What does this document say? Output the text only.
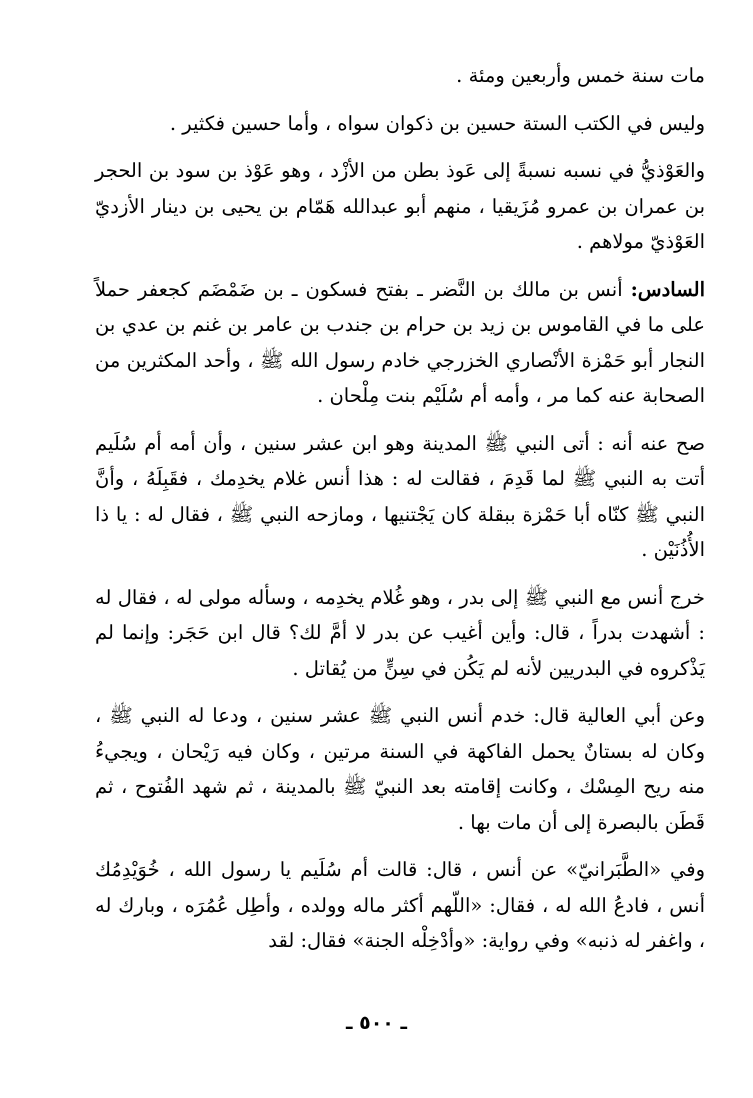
مات سنة خمس وأربعين ومئة .

وليس في الكتب الستة حسين بن ذكوان سواه ، وأما حسين فكثير .

والعَوْذيُّ في نسبه نسبةً إلى عَوذ بطن من الأزْد ، وهو عَوْذ بن سود بن الحجر بن عمران بن عمرو مُزَيقيا ، منهم أبو عبدالله هَمّام بن يحيى بن دينار الأزديّ العَوْذيّ مولاهم .

السادس: أنس بن مالك بن النَّضر ـ بفتح فسكون ـ بن ضَمْضَم كجعفر حملاً على ما في القاموس بن زيد بن حرام بن جندب بن عامر بن غنم بن عدي بن النجار أبو حَمْزة الأنْصاري الخزرجي خادم رسول الله ﷺ ، وأحد المكثرين من الصحابة عنه كما مر ، وأمه أم سُلَيْم بنت مِلْحان .

صح عنه أنه : أتى النبي ﷺ المدينة وهو ابن عشر سنين ، وأن أمه أم سُلَيم أتت به النبي ﷺ لما قَدِمَ ، فقالت له : هذا أنس غلام يخدِمك ، فقَبِلَهُ ، وأنَّ النبي ﷺ كنّاه أبا حَمْزة ببقلة كان يَجْتنيها ، ومازحه النبي ﷺ ، فقال له : يا ذا الأُذُنَيْن .

خرج أنس مع النبي ﷺ إلى بدر ، وهو غُلام يخدِمه ، وسأله مولى له ، فقال له : أشهدت بدراً ، قال: وأين أغيب عن بدر لا أمَّ لك؟ قال ابن حَجَر: وإنما لم يَذْكروه في البدريين لأنه لم يَكُن في سِنٍّ من يُقاتل .

وعن أبي العالية قال: خدم أنس النبي ﷺ عشر سنين ، ودعا له النبي ﷺ ، وكان له بستانٌ يحمل الفاكهة في السنة مرتين ، وكان فيه رَيْحان ، ويجيءُ منه ريح المِسْك ، وكانت إقامته بعد النبيّ ﷺ بالمدينة ، ثم شهد الفُتوح ، ثم قَطَن بالبصرة إلى أن مات بها .

وفي «الطَّبَرانيّ» عن أنس ، قال: قالت أم سُلَيم يا رسول الله ، خُوَيْدِمُك أنس ، فادعُ الله له ، فقال: «اللّهم أكثر ماله وولده ، وأطِل عُمُرَه ، وبارك له ، واغفر له ذنبه» وفي رواية: «وأدْخِلْه الجنة» فقال: لقد

ـ ٥٠٠ ـ
